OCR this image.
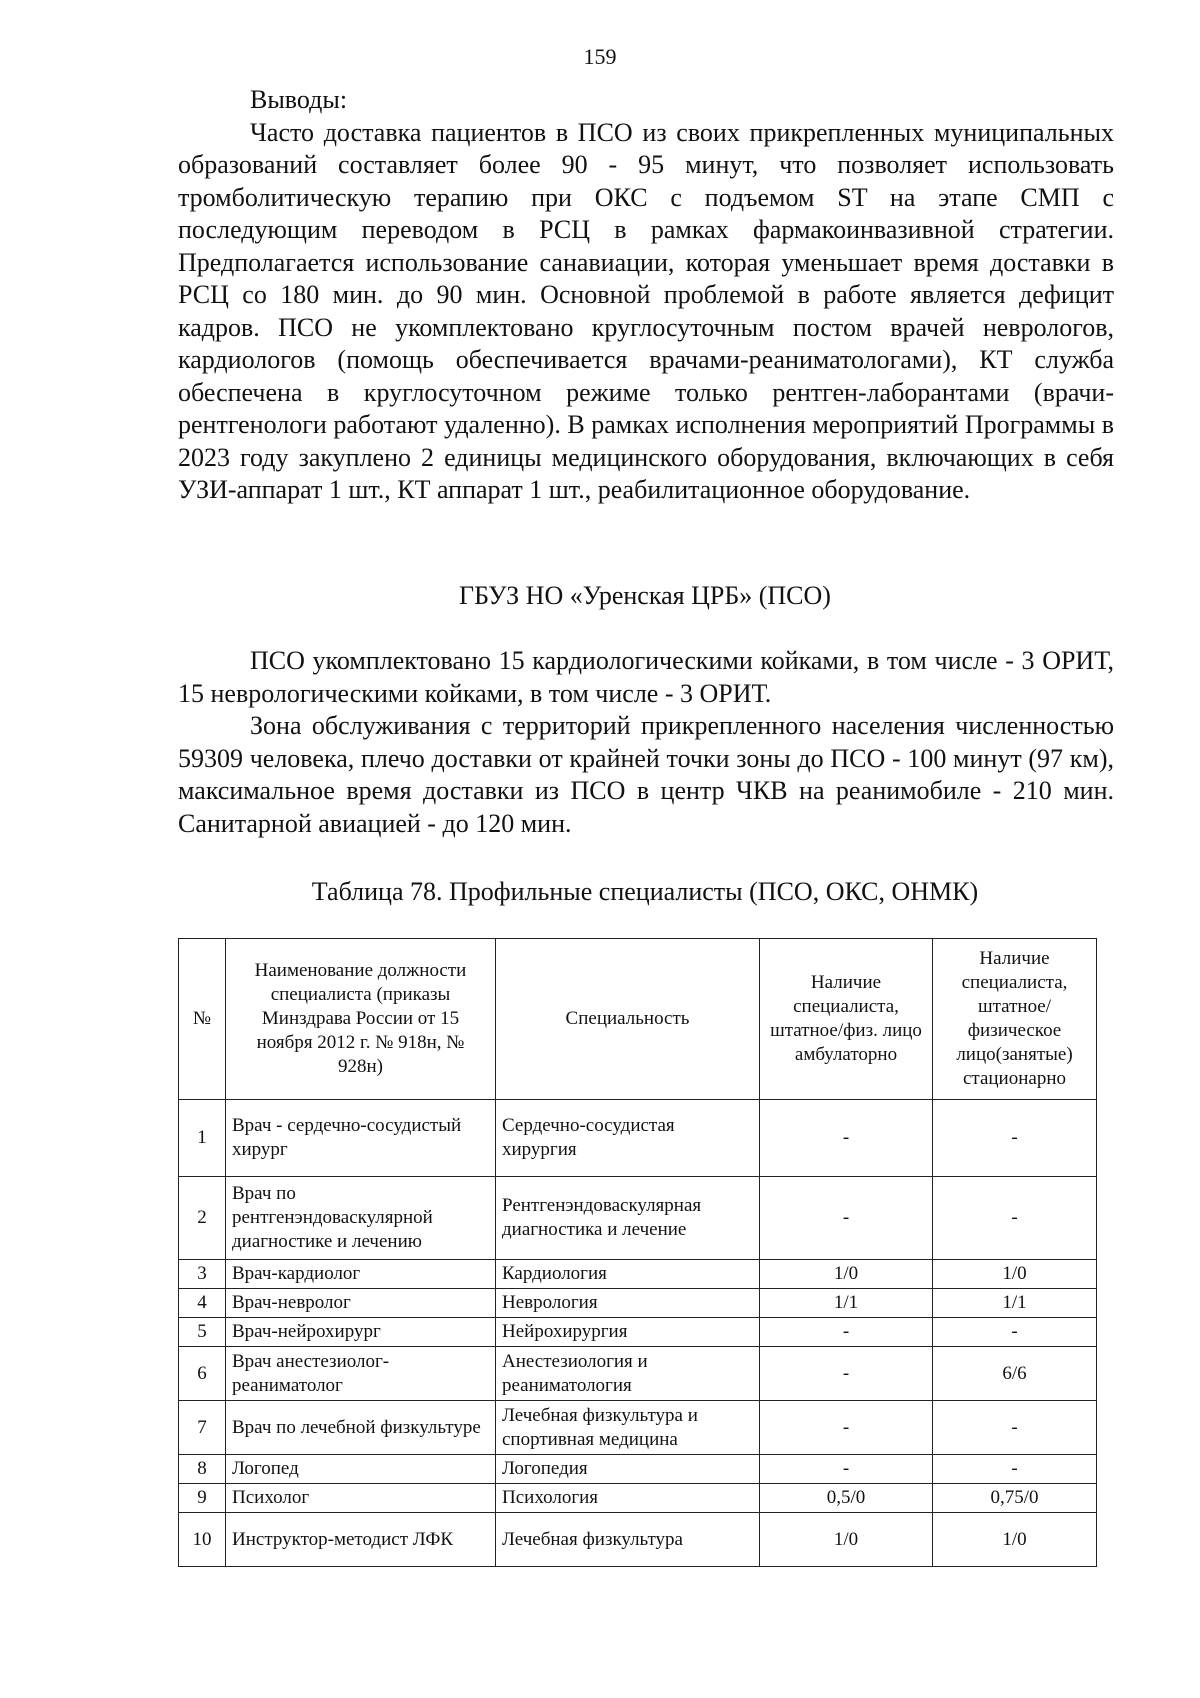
159

Выводы:

Часто доставка пациентов в ПСО из своих прикрепленных муниципальных образований составляет более 90 - 95 минут, что позволяет использовать тромболитическую терапию при ОКС с подъемом ST на этапе СМП с последующим переводом в РСЦ в рамках фармакоинвазивной стратегии. Предполагается использование санавиации, которая уменьшает время доставки в РСЦ со 180 мин. до 90 мин. Основной проблемой в работе является дефицит кадров. ПСО не укомплектовано круглосуточным постом врачей неврологов, кардиологов (помощь обеспечивается врачами-реаниматологами), КТ служба обеспечена в круглосуточном режиме только рентген-лаборантами (врачи-рентгенологи работают удаленно). В рамках исполнения мероприятий Программы в 2023 году закуплено 2 единицы медицинского оборудования, включающих в себя УЗИ-аппарат 1 шт., КТ аппарат 1 шт., реабилитационное оборудование.

ГБУЗ НО «Уренская ЦРБ» (ПСО)

ПСО укомплектовано 15 кардиологическими койками, в том числе - 3 ОРИТ, 15 неврологическими койками, в том числе - 3 ОРИТ.

Зона обслуживания с территорий прикрепленного населения численностью 59309 человека, плечо доставки от крайней точки зоны до ПСО - 100 минут (97 км), максимальное время доставки из ПСО в центр ЧКВ на реанимобиле - 210 мин. Санитарной авиацией - до 120 мин.

Таблица 78. Профильные специалисты (ПСО, ОКС, ОНМК)
№	Наименование должности специалиста (приказы Минздрава России от 15 ноября 2012 г. № 918н, № 928н)	Специальность	Наличие специалиста, штатное/физ. лицо амбулаторно	Наличие специалиста, штатное/физическое лицо(занятые) стационарно
1	Врач - сердечно-сосудистый хирург	Сердечно-сосудистая хирургия	-	-
2	Врач по рентгенэндоваскулярной диагностике и лечению	Рентгенэндоваскулярная диагностика и лечение	-	-
3	Врач-кардиолог	Кардиология	1/0	1/0
4	Врач-невролог	Неврология	1/1	1/1
5	Врач-нейрохирург	Нейрохирургия	-	-
6	Врач анестезиолог-реаниматолог	Анестезиология и реаниматология	-	6/6
7	Врач по лечебной физкультуре	Лечебная физкультура и спортивная медицина	-	-
8	Логопед	Логопедия	-	-
9	Психолог	Психология	0,5/0	0,75/0
10	Инструктор-методист ЛФК	Лечебная физкультура	1/0	1/0
